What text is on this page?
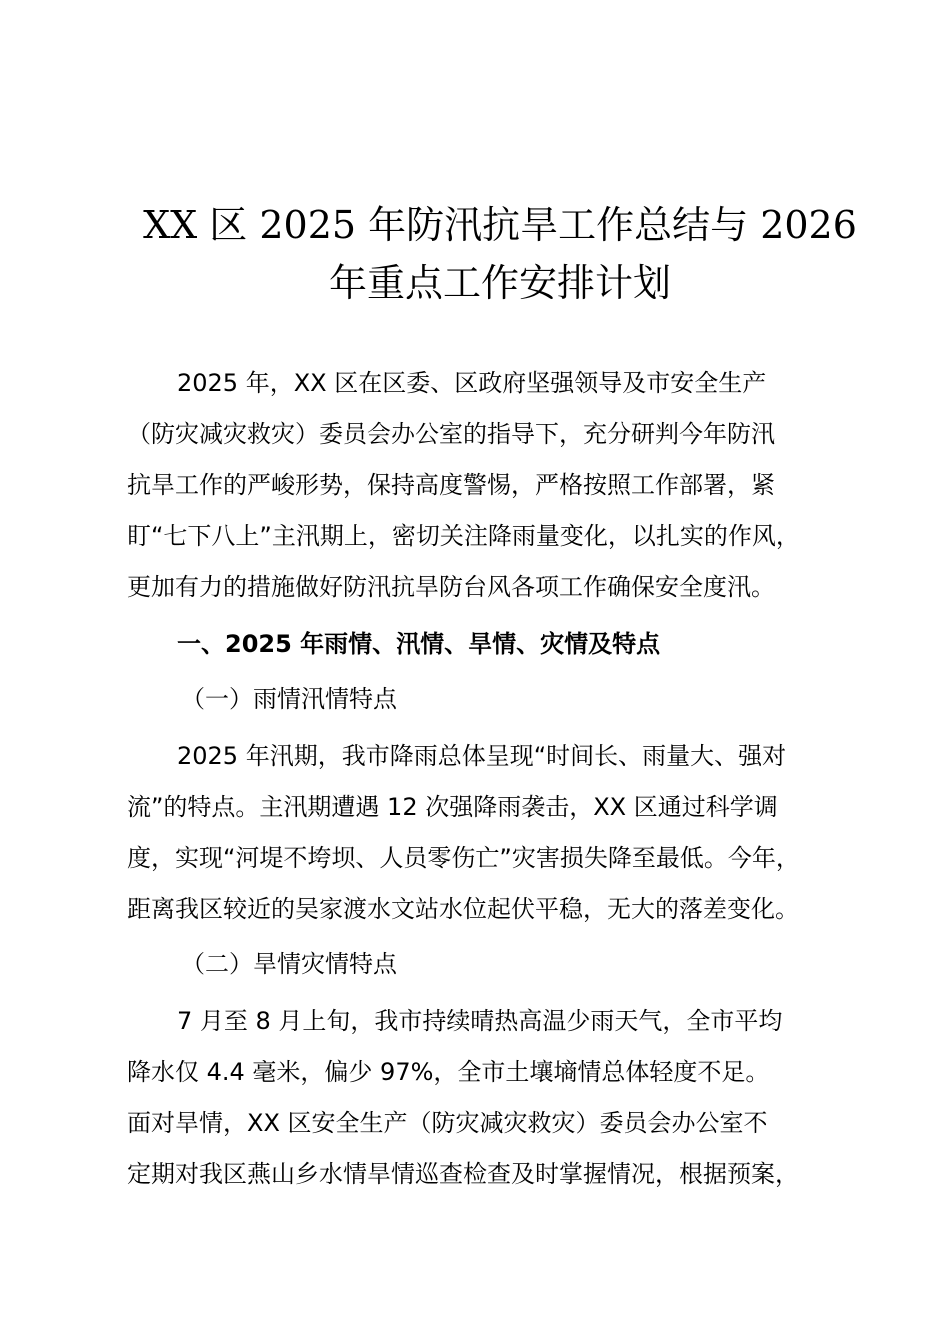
XX 区 2025 年防汛抗旱工作总结与 2026
年重点工作安排计划

2025 年，XX 区在区委、区政府坚强领导及市安全生产
（防灾减灾救灾）委员会办公室的指导下，充分研判今年防汛
抗旱工作的严峻形势，保持高度警惕，严格按照工作部署，紧
盯“七下八上”主汛期上，密切关注降雨量变化，以扎实的作风，
更加有力的措施做好防汛抗旱防台风各项工作确保安全度汛。

一、2025 年雨情、汛情、旱情、灾情及特点

（一）雨情汛情特点

2025 年汛期，我市降雨总体呈现“时间长、雨量大、强对
流”的特点。主汛期遭遇 12 次强降雨袭击，XX 区通过科学调
度，实现“河堤不垮坝、人员零伤亡”灾害损失降至最低。今年，
距离我区较近的吴家渡水文站水位起伏平稳，无大的落差变化。

（二）旱情灾情特点

7 月至 8 月上旬，我市持续晴热高温少雨天气，全市平均
降水仅 4.4 毫米，偏少 97%，全市土壤墒情总体轻度不足。
面对旱情，XX 区安全生产（防灾减灾救灾）委员会办公室不
定期对我区燕山乡水情旱情巡查检查及时掌握情况，根据预案，
